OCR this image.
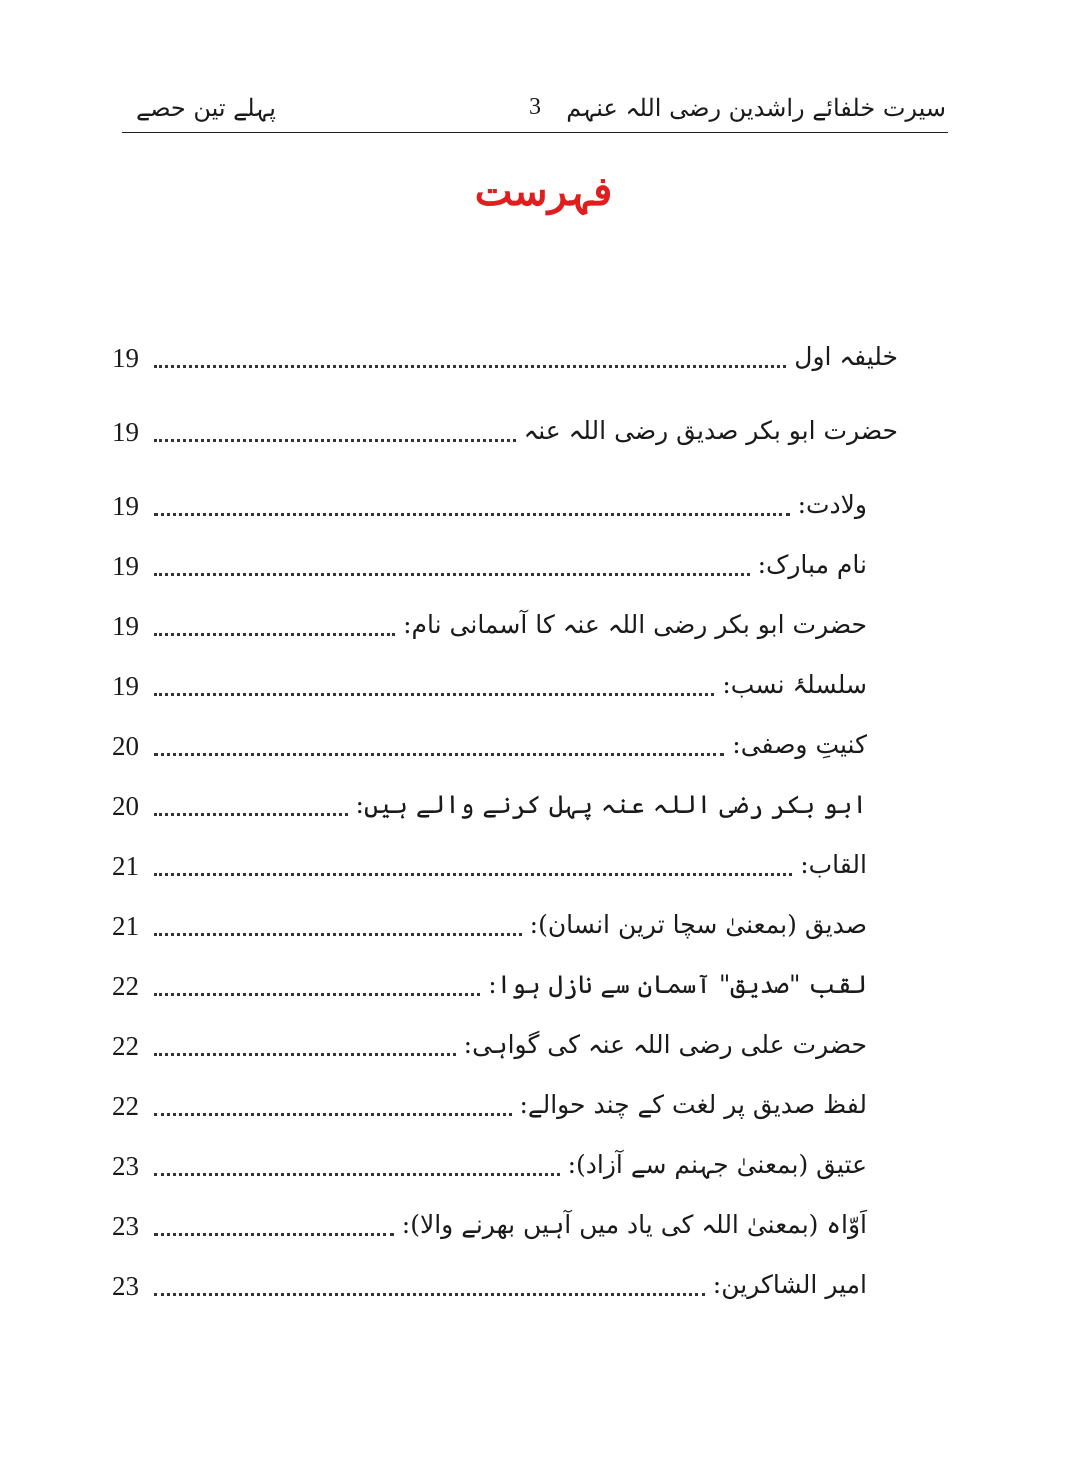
پہلے تین حصے	3	سیرت خلفائے راشدین رضی اللہ عنہم
فہرست
19	خلیفہ اول
19	حضرت ابو بکر صدیق رضی اللہ عنہ
19	ولادت:
19	نام مبارک:
19	حضرت ابو بکر رضی اللہ عنہ کا آسمانی نام:
19	سلسلۂ نسب:
20	کنیتِ وصفی:
20	ابو بکر رضی اللہ عنہ پہل کرنے والے ہیں:
21	القاب:
21	صدیق (بمعنیٰ سچا ترین انسان):
22	لقب "صدیق" آسمان سے نازل ہوا:
22	حضرت علی رضی اللہ عنہ کی گواہی:
22	لفظ صدیق پر لغت کے چند حوالے:
23	عتیق (بمعنیٰ جہنم سے آزاد):
23	اَوّاہ (بمعنیٰ اللہ کی یاد میں آہیں بھرنے والا):
23	امیر الشاکرین:
